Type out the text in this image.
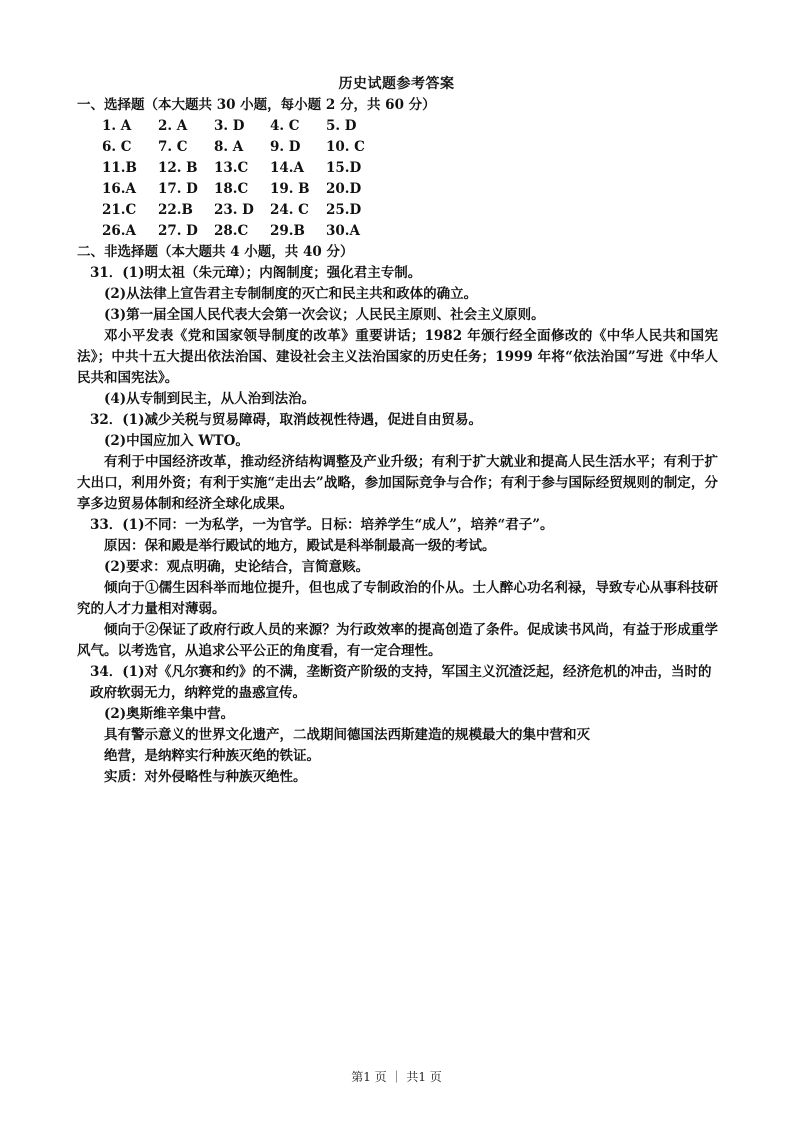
历史试题参考答案
一、选择题（本大题共 30 小题，每小题 2 分，共 60 分）
1. A	2. A	3. D	4. C	5. D
6. C	7. C	8. A	9. D	10. C
11.B	12. B	13.C	14.A	15.D
16.A	17. D	18.C	19. B	20.D
21.C	22.B	23. D	24. C	25.D
26.A	27. D	28.C	29.B	30.A
二、非选择题（本大题共 4 小题，共 40 分）
31．(1)明太祖（朱元璋）；内阁制度；强化君主专制。
(2)从法律上宣告君主专制制度的灭亡和民主共和政体的确立。
(3)第一届全国人民代表大会第一次会议；人民民主原则、社会主义原则。
邓小平发表《党和国家领导制度的改革》重要讲话；1982 年颁行经全面修改的《中华人民共和国宪法》；中共十五大提出依法治国、建设社会主义法治国家的历史任务；1999 年将“依法治国”写进《中华人民共和国宪法》。
(4)从专制到民主，从人治到法治。
32．(1)减少关税与贸易障碍，取消歧视性待遇，促进自由贸易。
(2)中国应加入 WTO。
有利于中国经济改革，推动经济结构调整及产业升级；有利于扩大就业和提高人民生活水平；有利于扩大出口，利用外资；有利于实施“走出去”战略，参加国际竞争与合作；有利于参与国际经贸规则的制定，分享多边贸易体制和经济全球化成果。
33．(1)不同：一为私学，一为官学。日标：培养学生“成人”，培养“君子”。
原因：保和殿是举行殿试的地方，殿试是科举制最高一级的考试。
(2)要求：观点明确，史论结合，言简意赅。
倾向于①儒生因科举而地位提升，但也成了专制政治的仆从。士人醉心功名利禄，导致专心从事科技研究的人才力量相对薄弱。
倾向于②保证了政府行政人员的来源？为行政效率的提高创造了条件。促成读书风尚，有益于形成重学风气。以考选官，从追求公平公正的角度看，有一定合理性。
34．(1)对《凡尔赛和约》的不满，垄断资产阶级的支持，军国主义沉渣泛起，经济危机的冲击，当时的政府软弱无力，纳粹党的蛊惑宣传。
(2)奥斯维辛集中营。
具有警示意义的世界文化遗产，二战期间德国法西斯建造的规模最大的集中营和灭
绝营，是纳粹实行种族灭绝的铁证。
实质：对外侵略性与种族灭绝性。
第1 页 ｜ 共1 页
